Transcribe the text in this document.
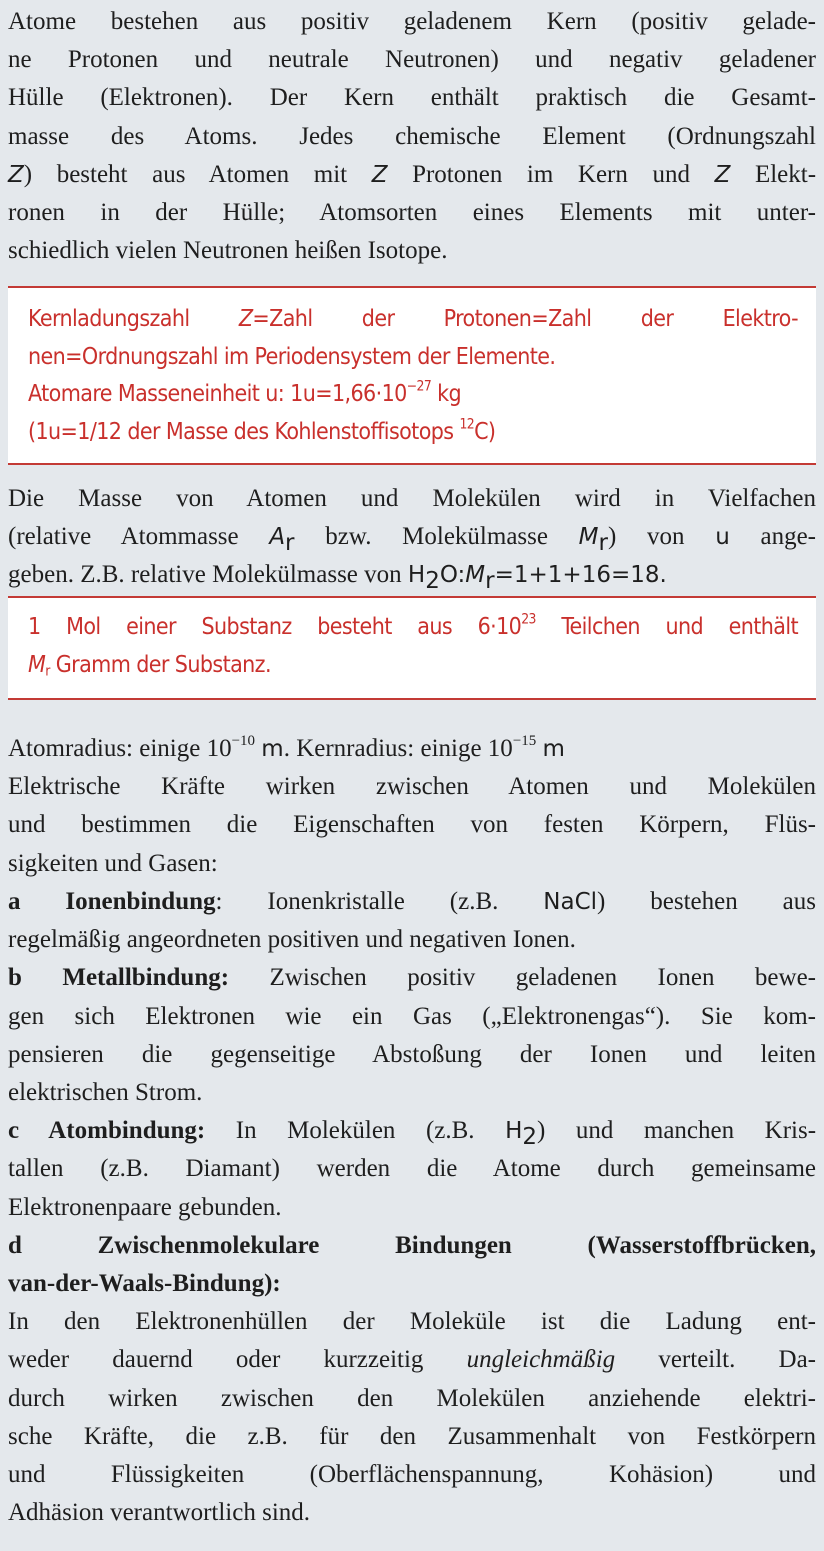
Atome bestehen aus positiv geladenem Kern (positiv gelade-
ne Protonen und neutrale Neutronen) und negativ geladener
Hülle (Elektronen). Der Kern enthält praktisch die Gesamt-
masse des Atoms. Jedes chemische Element (Ordnungszahl
Z) besteht aus Atomen mit Z Protonen im Kern und Z Elekt-
ronen in der Hülle; Atomsorten eines Elements mit unter-
schiedlich vielen Neutronen heißen Isotope.
Kernladungszahl Z=Zahl der Protonen=Zahl der Elektro-
nen=Ordnungszahl im Periodensystem der Elemente.
Atomare Masseneinheit u: $1u=1,66\cdot 10^{-27}$ kg
(1u=1/12 der Masse des Kohlenstoffisotops $^{12}$C)
Die Masse von Atomen und Molekülen wird in Vielfachen
(relative Atommasse $A_r$ bzw. Molekülmasse $M_r$) von u ange-
geben. Z.B. relative Molekülmasse von $H_2O:M_r=1+1+16=18$.
1 Mol einer Substanz besteht aus $6\cdot 10^{23}$ Teilchen und enthält
$M_r$ Gramm der Substanz.
Atomradius: einige $10^{-10}$ m. Kernradius: einige $10^{-15}$ m
Elektrische Kräfte wirken zwischen Atomen und Molekülen
und bestimmen die Eigenschaften von festen Körpern, Flüs-
sigkeiten und Gasen:
a Ionenbindung: Ionenkristalle (z.B. NaCl) bestehen aus
regelmäßig angeordneten positiven und negativen Ionen.
b Metallbindung: Zwischen positiv geladenen Ionen bewe-
gen sich Elektronen wie ein Gas („Elektronengas“). Sie kom-
pensieren die gegenseitige Abstoßung der Ionen und leiten
elektrischen Strom.
c Atombindung: In Molekülen (z.B. $H_2$) und manchen Kris-
tallen (z.B. Diamant) werden die Atome durch gemeinsame
Elektronenpaare gebunden.
d Zwischenmolekulare Bindungen (Wasserstoffbrücken,
van-der-Waals-Bindung):
In den Elektronenhüllen der Moleküle ist die Ladung ent-
weder dauernd oder kurzzeitig ungleichmäßig verteilt. Da-
durch wirken zwischen den Molekülen anziehende elektri-
sche Kräfte, die z.B. für den Zusammenhalt von Festkörpern
und Flüssigkeiten (Oberflächenspannung, Kohäsion) und
Adhäsion verantwortlich sind.
